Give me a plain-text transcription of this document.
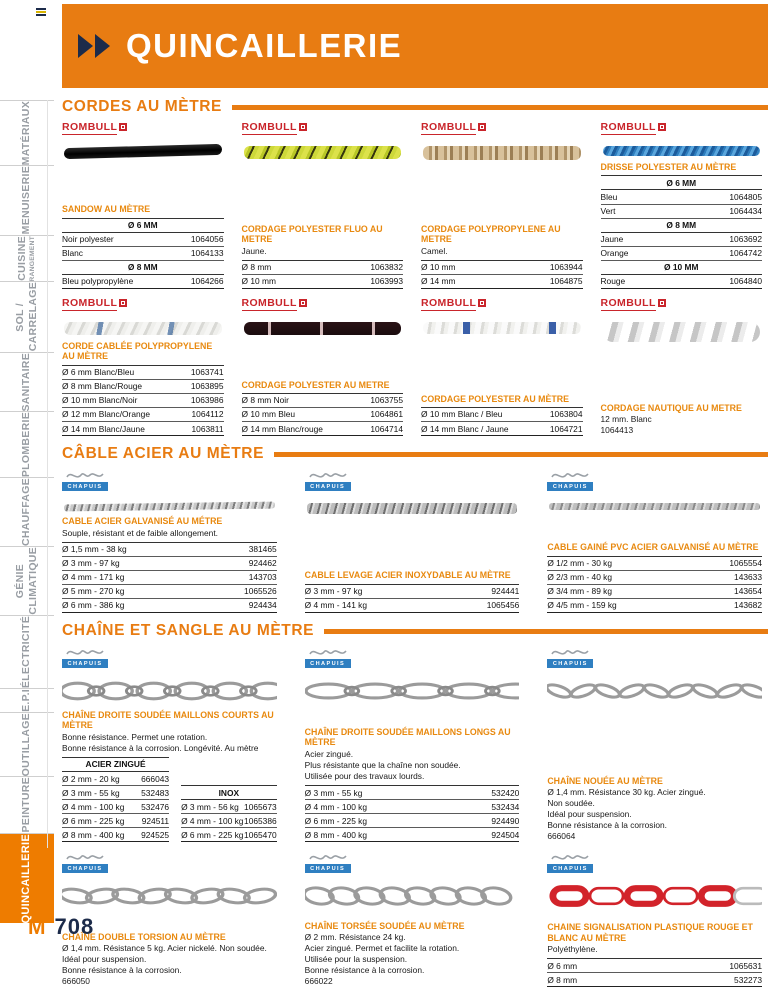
MATÉRIAUX
MENUISERIE
CUISINE RANGEMENT
SOL / CARRELAGE
SANITAIRE
PLOMBERIE
CHAUFFAGE
GÉNIE CLIMATIQUE
ÉLECTRICITÉ
E.P.I
OUTILLAGE
PEINTURE
QUINCAILLERIE
QUINCAILLERIE
CORDES AU MÈTRE
ROMBULL
SANDOW AU MÈTRE
Ø 6 MM	
Noir polyester	1064056
Blanc	1064133
Ø 8 MM	
Bleu polypropylène	1064266
ROMBULL
CORDAGE POLYESTER FLUO AU METRE

Jaune.

Ø 8 mm	1063832
Ø 10 mm	1063993
ROMBULL
CORDAGE POLYPROPYLENE AU METRE

Camel.

Ø 10 mm	1063944
Ø 14 mm	1064875
ROMBULL
DRISSE POLYESTER AU MÈTRE
Ø 6 MM	
Bleu	1064805
Vert	1064434
Ø 8 MM	
Jaune	1063692
Orange	1064742
Ø 10 MM	
Rouge	1064840
ROMBULL
CORDE CABLÉE POLYPROPYLENE AU MÈTRE
Ø 6 mm Blanc/Bleu	1063741
Ø 8 mm Blanc/Rouge	1063895
Ø 10 mm Blanc/Noir	1063986
Ø 12 mm Blanc/Orange	1064112
Ø 14 mm Blanc/Jaune	1063811
ROMBULL
CORDAGE POLYESTER AU METRE
Ø 8 mm Noir	1063755
Ø 10 mm Bleu	1064861
Ø 14 mm Blanc/rouge	1064714
ROMBULL
CORDAGE POLYESTER AU MÈTRE
Ø 10 mm Blanc / Bleu	1063804
Ø 14 mm Blanc / Jaune	1064721
ROMBULL
CORDAGE NAUTIQUE AU METRE

12 mm. Blanc

1064413

CÂBLE ACIER AU MÈTRE
CHAPUIS
CABLE ACIER GALVANISÉ AU MÉTRE

Souple, résistant et de faible allongement.

Ø 1,5 mm - 38 kg	381465
Ø 3 mm - 97 kg	924462
Ø 4 mm - 171 kg	143703
Ø 5 mm - 270 kg	1065526
Ø 6 mm - 386 kg	924434
CHAPUIS
CABLE LEVAGE ACIER INOXYDABLE AU MÈTRE
Ø 3 mm - 97 kg	924441
Ø 4 mm - 141 kg	1065456
CHAPUIS
CABLE GAINÉ PVC ACIER GALVANISÉ AU MÈTRE
Ø 1/2 mm - 30 kg	1065554
Ø 2/3 mm - 40 kg	143633
Ø 3/4 mm - 89 kg	143654
Ø 4/5 mm - 159 kg	143682
CHAÎNE ET SANGLE AU MÈTRE
CHAPUIS
CHAÎNE DROITE SOUDÉE MAILLONS COURTS AU MÈTRE

Bonne résistance. Permet une rotation.

Bonne résistance à la corrosion. Longévité. Au mètre

ACIER ZINGUÉ	
Ø 2 mm - 20 kg	666043
Ø 3 mm - 55 kg	532483
Ø 4 mm - 100 kg	532476
Ø 6 mm - 225 kg	924511
Ø 8 mm - 400 kg	924525
INOX	
Ø 3 mm - 56 kg	1065673
Ø 4 mm - 100 kg	1065386
Ø 6 mm - 225 kg	1065470
CHAPUIS
CHAÎNE DROITE SOUDÉE MAILLONS LONGS AU MÈTRE

Acier zingué.

Plus résistante que la chaîne non soudée.

Utilisée pour des travaux lourds.

Ø 3 mm - 55 kg	532420
Ø 4 mm - 100 kg	532434
Ø 6 mm - 225 kg	924490
Ø 8 mm - 400 kg	924504
CHAPUIS
CHAÎNE NOUÉE AU MÈTRE

Ø 1,4 mm. Résistance 30 kg. Acier zingué.

Non soudée.

Idéal pour suspension.

Bonne résistance à la corrosion.

666064

CHAPUIS
CHAÎNE DOUBLE TORSION AU MÈTRE

Ø 1,4 mm. Résistance 5 kg. Acier nickelé. Non soudée.

Idéal pour suspension.

Bonne résistance à la corrosion.

666050

CHAPUIS
CHAÎNE TORSÉE SOUDÉE AU MÈTRE

Ø 2 mm. Résistance 24 kg.

Acier zingué. Permet et facilite la rotation.

Utilisée pour la suspension.

Bonne résistance à la corrosion.

666022

CHAPUIS
CHAINE SIGNALISATION PLASTIQUE ROUGE ET BLANC AU MÈTRE

Polyéthylène.

Ø 6 mm	1065631
Ø 8 mm	532273
M 708
